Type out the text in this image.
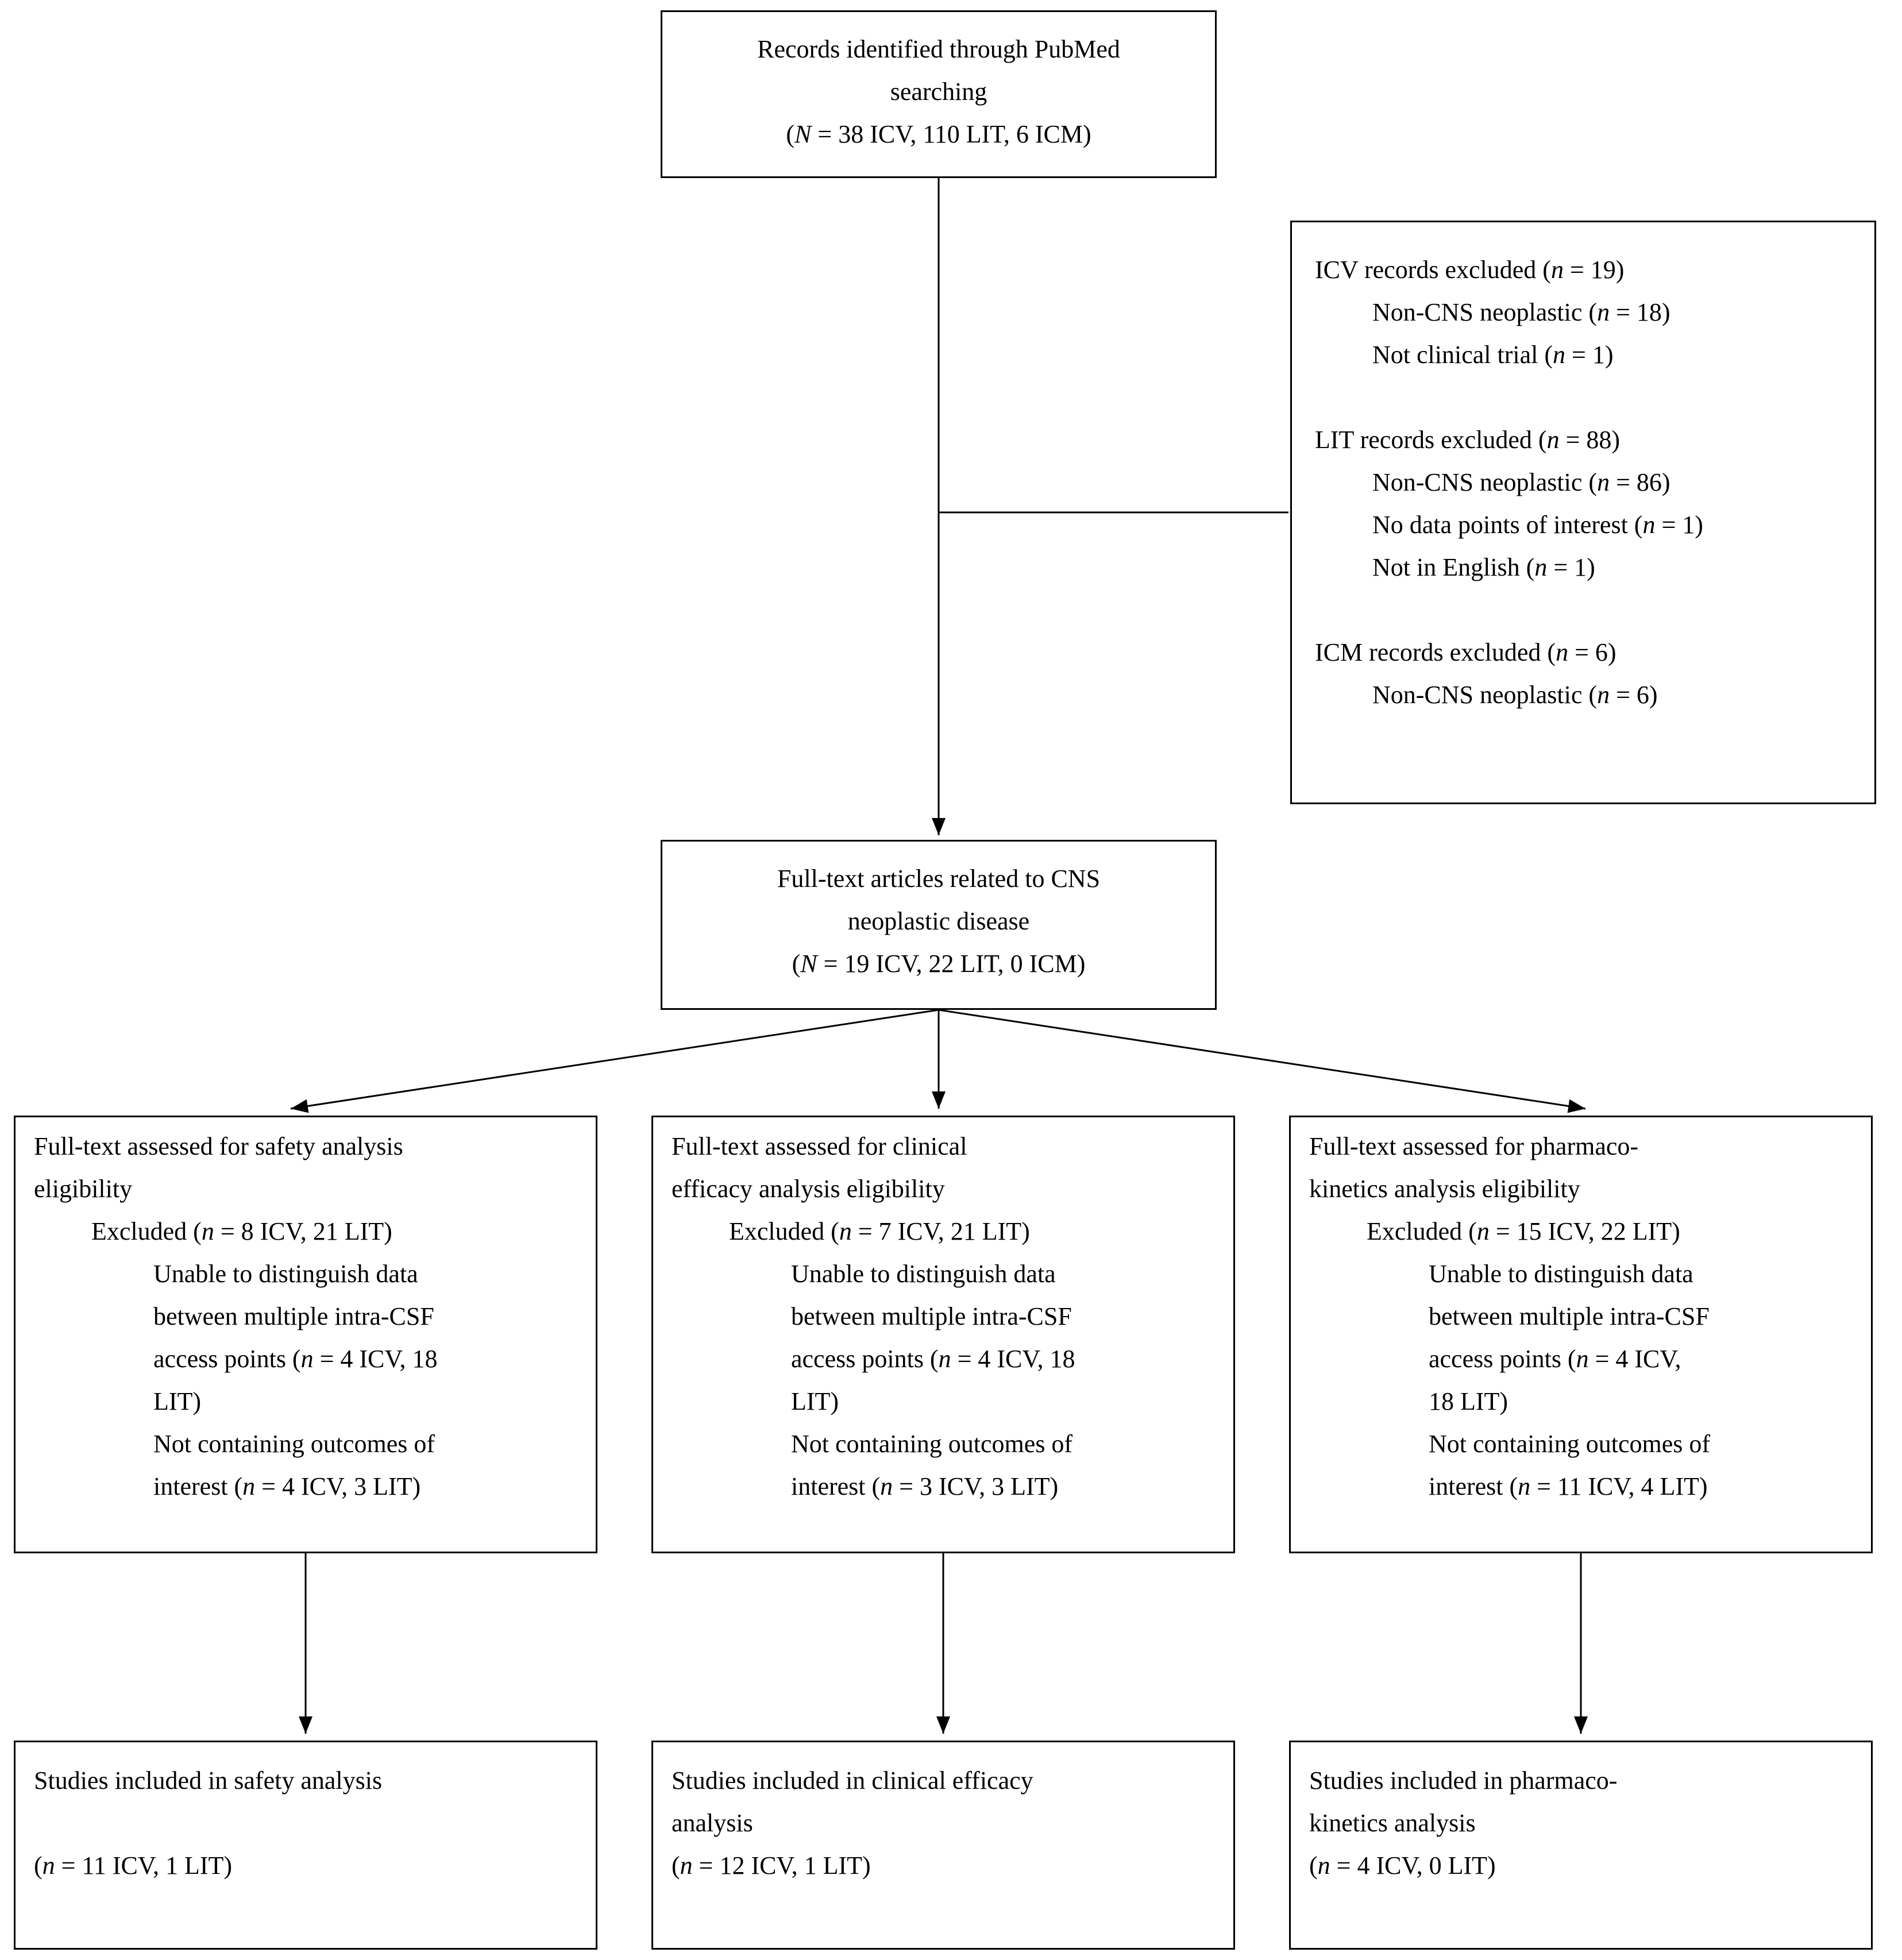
Records identified through PubMed
searching
(N = 38 ICV, 110 LIT, 6 ICM)
ICV records excluded (n = 19)
Non-CNS neoplastic (n = 18)
Not clinical trial (n = 1)

LIT records excluded (n = 88)
Non-CNS neoplastic (n = 86)
No data points of interest (n = 1)
Not in English (n = 1)

ICM records excluded (n = 6)
Non-CNS neoplastic (n = 6)
Full-text articles related to CNS
neoplastic disease
(N = 19 ICV, 22 LIT, 0 ICM)
Full-text assessed for safety analysis
eligibility
Excluded (n = 8 ICV, 21 LIT)
Unable to distinguish data
between multiple intra-CSF
access points (n = 4 ICV, 18
LIT)
Not containing outcomes of
interest (n = 4 ICV, 3 LIT)
Full-text assessed for clinical
efficacy analysis eligibility
Excluded (n = 7 ICV, 21 LIT)
Unable to distinguish data
between multiple intra-CSF
access points (n = 4 ICV, 18
LIT)
Not containing outcomes of
interest (n = 3 ICV, 3 LIT)
Full-text assessed for pharmaco-
kinetics analysis eligibility
Excluded (n = 15 ICV, 22 LIT)
Unable to distinguish data
between multiple intra-CSF
access points (n = 4 ICV,
18 LIT)
Not containing outcomes of
interest (n = 11 ICV, 4 LIT)
Studies included in safety analysis

(n = 11 ICV, 1 LIT)
Studies included in clinical efficacy
analysis
(n = 12 ICV, 1 LIT)
Studies included in pharmaco-
kinetics analysis
(n = 4 ICV, 0 LIT)
